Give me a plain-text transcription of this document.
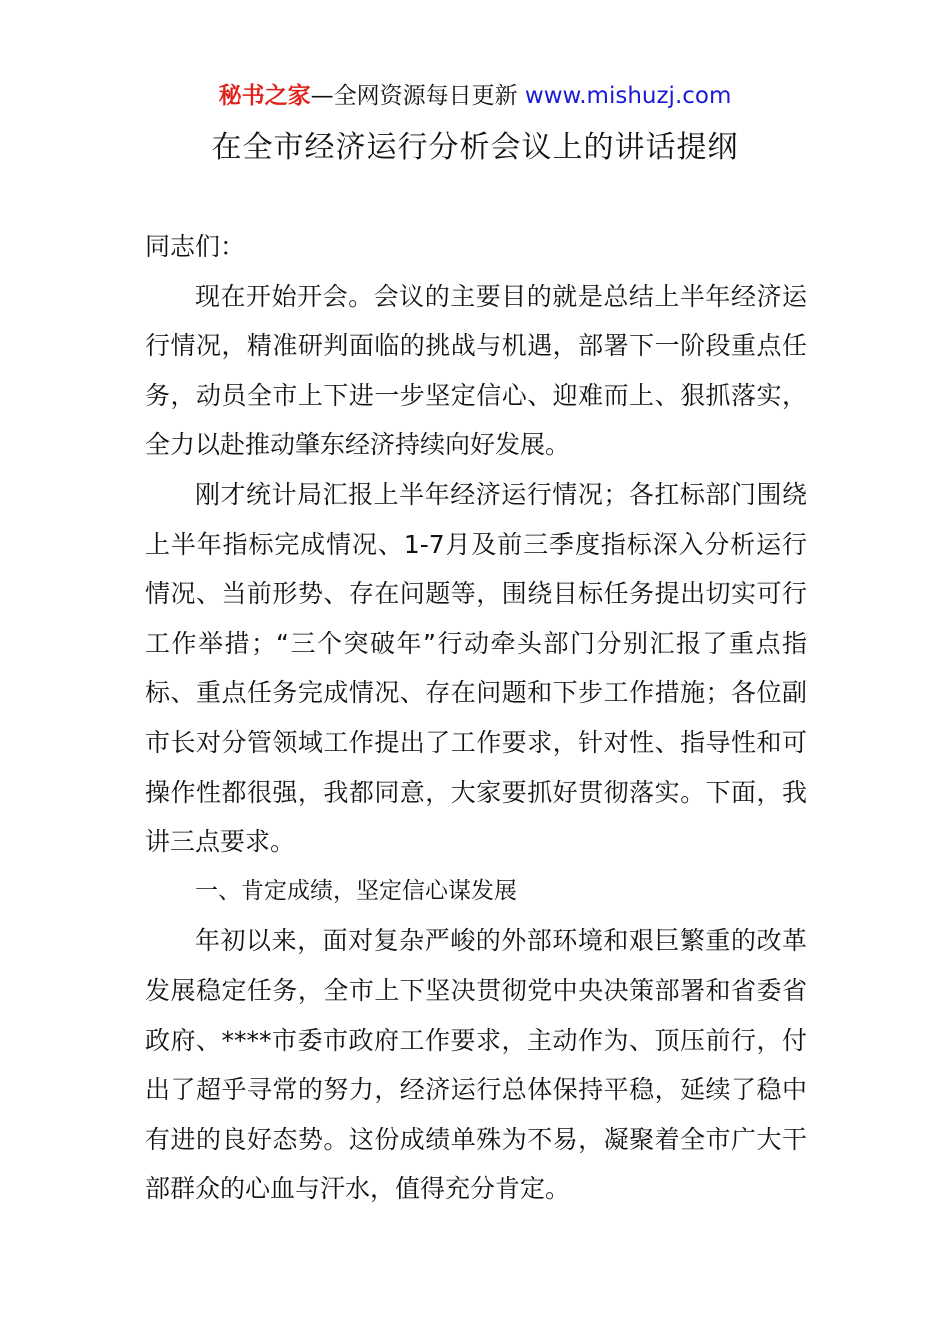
秘书之家—全网资源每日更新 www.mishuzj.com
在全市经济运行分析会议上的讲话提纲

同志们：

现在开始开会。会议的主要目的就是总结上半年经济运行情况，精准研判面临的挑战与机遇，部署下一阶段重点任务，动员全市上下进一步坚定信心、迎难而上、狠抓落实，全力以赴推动肇东经济持续向好发展。

刚才统计局汇报上半年经济运行情况；各扛标部门围绕上半年指标完成情况、1-7月及前三季度指标深入分析运行情况、当前形势、存在问题等，围绕目标任务提出切实可行工作举措；“三个突破年”行动牵头部门分别汇报了重点指标、重点任务完成情况、存在问题和下步工作措施；各位副市长对分管领域工作提出了工作要求，针对性、指导性和可操作性都很强，我都同意，大家要抓好贯彻落实。下面，我讲三点要求。

一、肯定成绩，坚定信心谋发展

年初以来，面对复杂严峻的外部环境和艰巨繁重的改革发展稳定任务，全市上下坚决贯彻党中央决策部署和省委省政府、****市委市政府工作要求，主动作为、顶压前行，付出了超乎寻常的努力，经济运行总体保持平稳，延续了稳中有进的良好态势。这份成绩单殊为不易，凝聚着全市广大干部群众的心血与汗水，值得充分肯定。
